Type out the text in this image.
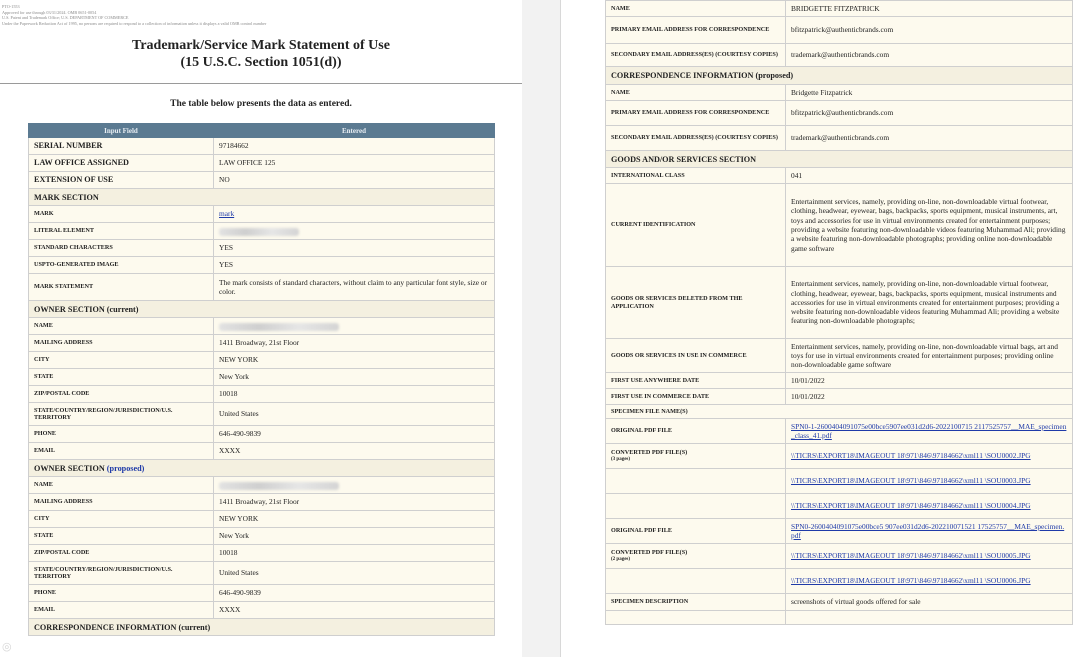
PTO-1553
Approved for use through 03/31/2024. OMB 0651-0054
U.S. Patent and Trademark Office; U.S. DEPARTMENT OF COMMERCE
Under the Paperwork Reduction Act of 1995, no persons are required to respond to a collection of information unless it displays a valid OMB control number
Trademark/Service Mark Statement of Use
(15 U.S.C. Section 1051(d))
The table below presents the data as entered.
Input Field	Entered
SERIAL NUMBER	97184662
LAW OFFICE ASSIGNED	LAW OFFICE 125
EXTENSION OF USE	NO
MARK SECTION	
MARK	mark
LITERAL ELEMENT	
STANDARD CHARACTERS	YES
USPTO-GENERATED IMAGE	YES
MARK STATEMENT	The mark consists of standard characters, without claim to any particular font style, size or color.
OWNER SECTION (current)	
NAME	
MAILING ADDRESS	1411 Broadway, 21st Floor
CITY	NEW YORK
STATE	New York
ZIP/POSTAL CODE	10018
STATE/COUNTRY/REGION/JURISDICTION/U.S. TERRITORY	United States
PHONE	646-490-9839
EMAIL	XXXX
OWNER SECTION (proposed)	
NAME	
MAILING ADDRESS	1411 Broadway, 21st Floor
CITY	NEW YORK
STATE	New York
ZIP/POSTAL CODE	10018
STATE/COUNTRY/REGION/JURISDICTION/U.S. TERRITORY	United States
PHONE	646-490-9839
EMAIL	XXXX
CORRESPONDENCE INFORMATION (current)	
◎
NAME	BRIDGETTE FITZPATRICK
PRIMARY EMAIL ADDRESS FOR CORRESPONDENCE	bfitzpatrick@authenticbrands.com
SECONDARY EMAIL ADDRESS(ES) (COURTESY COPIES)	trademark@authenticbrands.com
CORRESPONDENCE INFORMATION (proposed)	
NAME	Bridgette Fitzpatrick
PRIMARY EMAIL ADDRESS FOR CORRESPONDENCE	bfitzpatrick@authenticbrands.com
SECONDARY EMAIL ADDRESS(ES) (COURTESY COPIES)	trademark@authenticbrands.com
GOODS AND/OR SERVICES SECTION	
INTERNATIONAL CLASS	041
CURRENT IDENTIFICATION	Entertainment services, namely, providing on-line, non-downloadable virtual footwear, clothing, headwear, eyewear, bags, backpacks, sports equipment, musical instruments, art, toys and accessories for use in virtual environments created for entertainment purposes; providing a website featuring non-downloadable videos featuring Muhammad Ali; providing a website featuring non-downloadable photographs; providing online non-downloadable game software
GOODS OR SERVICES DELETED FROM THE APPLICATION	Entertainment services, namely, providing on-line, non-downloadable virtual footwear, clothing, headwear, eyewear, bags, backpacks, sports equipment, musical instruments and accessories for use in virtual environments created for entertainment purposes; providing a website featuring non-downloadable videos featuring Muhammad Ali; providing a website featuring non-downloadable photographs;
GOODS OR SERVICES IN USE IN COMMERCE	Entertainment services, namely, providing on-line, non-downloadable virtual bags, art and toys for use in virtual environments created for entertainment purposes; providing online non-downloadable game software
FIRST USE ANYWHERE DATE	10/01/2022
FIRST USE IN COMMERCE DATE	10/01/2022
SPECIMEN FILE NAME(S)	
ORIGINAL PDF FILE	SPN0-1-2600404091075e00bce5907ee031d2d6-2022100715 2117525757__MAE_specimen_class_41.pdf
CONVERTED PDF FILE(S)
(3 pages)	\\TICRS\EXPORT18\IMAGEOUT 18\971\846\97184662\xml11 \SOU0002.JPG
	\\TICRS\EXPORT18\IMAGEOUT 18\971\846\97184662\xml11 \SOU0003.JPG
	\\TICRS\EXPORT18\IMAGEOUT 18\971\846\97184662\xml11 \SOU0004.JPG
ORIGINAL PDF FILE	SPN0-2600404091075e00bce5 907ee031d2d6-202210071521 17525757__MAE_specimen.pdf
CONVERTED PDF FILE(S)
(2 pages)	\\TICRS\EXPORT18\IMAGEOUT 18\971\846\97184662\xml11 \SOU0005.JPG
	\\TICRS\EXPORT18\IMAGEOUT 18\971\846\97184662\xml11 \SOU0006.JPG
SPECIMEN DESCRIPTION	screenshots of virtual goods offered for sale
